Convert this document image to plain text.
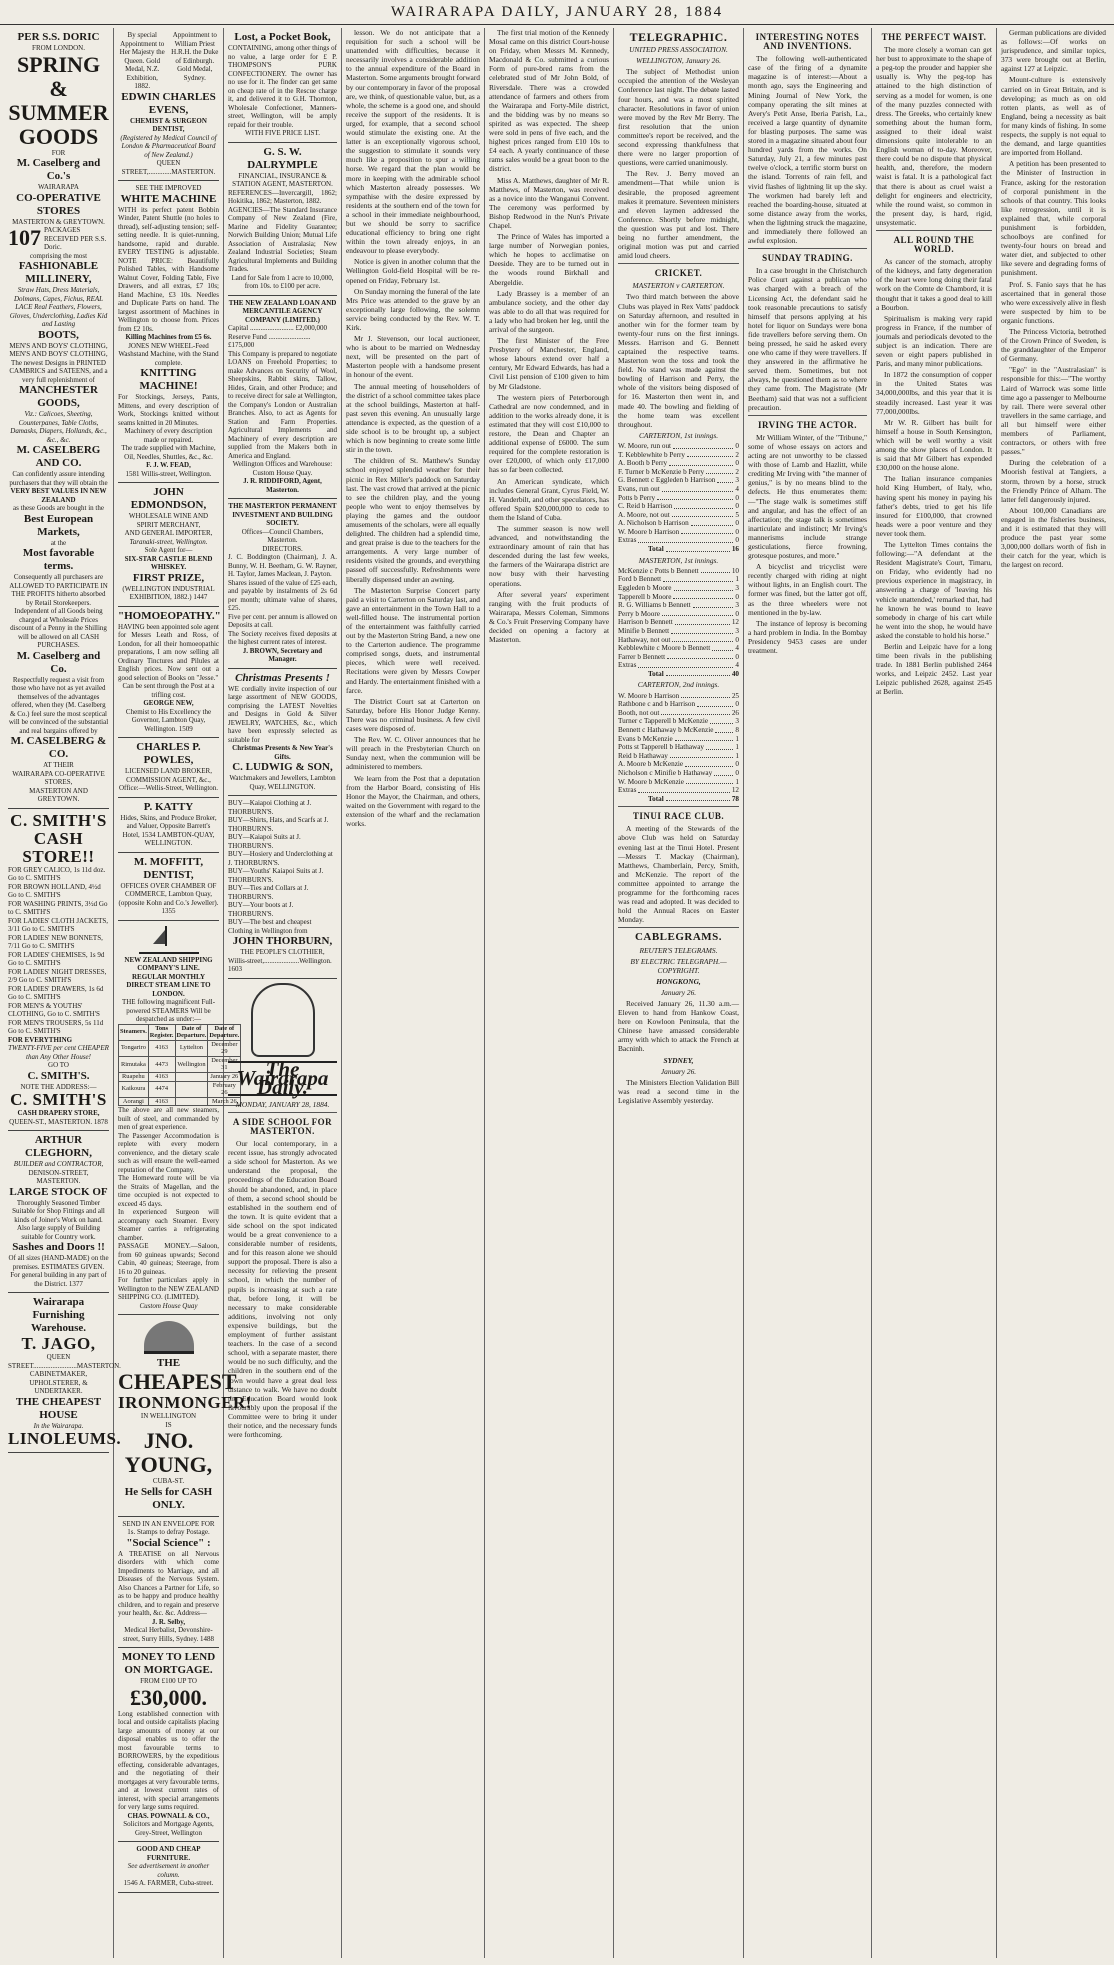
WAIRARAPA DAILY, JANUARY 28, 1884
PER S.S. DORIC
FROM LONDON.
SPRING &
SUMMER
GOODS
FOR
M. Caselberg and Co.'s
WAIRARAPA
CO-OPERATIVE STORES
MASTERTON & GREYTOWN.
107 PACKAGES RECEIVED PER S.S. Doric.
comprising the most
FASHIONABLE
MILLINERY,
Straw Hats, Dress Materials, Dolmans, Capes, Fichus, REAL LACE Real Feathers, Flowers, Gloves, Underclothing, Ladies Kid and Lasting
BOOTS,
MEN'S AND BOYS' CLOTHING,
MEN'S AND BOYS' CLOTHING,
The newest Designs in PRINTED CAMBRICS and SATEENS, and a very full replenishment of
MANCHESTER GOODS,
Viz.: Calicoes, Sheeting, Counterpanes, Table Cloths, Damasks, Diapers, Hollands, &c., &c., &c.
M. CASELBERG AND CO.
Can confidently assure intending purchasers that they will obtain the
VERY BEST VALUES IN NEW ZEALAND
as these Goods are bought in the
Best European Markets,
at the
Most favorable terms.
Consequently all purchasers are ALLOWED TO PARTICIPATE IN THE PROFITS hitherto absorbed by Retail Storekeepers.
Independent of all Goods being charged at Wholesale Prices discount of a Penny in the Shilling will be allowed on all CASH PURCHASES.
M. Caselberg and Co.
Respectfully request a visit from those who have not as yet availed themselves of the advantages offered, when they (M. Caselberg & Co.) feel sure the most sceptical will be convinced of the substantial and real bargains offered by
M. CASELBERG & CO.
AT THEIR
WAIRARAPA CO-OPERATIVE STORES,
MASTERTON AND GREYTOWN.
C. SMITH'S
CASH STORE!!
FOR GREY CALICO, 1s 11d doz. Go to C. SMITH'S
FOR BROWN HOLLAND, 4½d Go to C. SMITH'S
FOR WASHING PRINTS, 3½d Go to C. SMITH'S
FOR LADIES' CLOTH JACKETS, 3/11 Go to C. SMITH'S
FOR LADIES' NEW BONNETS, 7/11 Go to C. SMITH'S
FOR LADIES' CHEMISES, 1s 9d Go to C. SMITH'S
FOR LADIES' NIGHT DRESSES, 2/9 Go to C. SMITH'S
FOR LADIES' DRAWERS, 1s 6d Go to C. SMITH'S
FOR MEN'S & YOUTHS' CLOTHING, Go to C. SMITH'S
FOR MEN'S TROUSERS, 5s 11d Go to C. SMITH'S
FOR EVERYTHING
TWENTY-FIVE per cent CHEAPER than Any Other House!
GO TO
C. SMITH'S.
NOTE THE ADDRESS:—
C. SMITH'S
CASH DRAPERY STORE,
QUEEN-ST., MASTERTON. 1878
ARTHUR CLEGHORN,
BUILDER and CONTRACTOR,
DENISON-STREET, MASTERTON.
LARGE STOCK OF
Thoroughly Seasoned Timber Suitable for Shop Fittings and all kinds of Joiner's Work on hand. Also large supply of Building suitable for Country work.
Sashes and Doors !!
Of all sizes (HAND-MADE) on the premises. ESTIMATES GIVEN.
For general building in any part of the District. 1377
Wairarapa Furnishing Warehouse.
T. JAGO,
QUEEN STREET.........................MASTERTON.
CABINETMAKER, UPHOLSTERER, & UNDERTAKER.
THE CHEAPEST HOUSE
In the Wairarapa.
LINOLEUMS.
By special Appointment to Her Majesty the Queen. Gold Medal, N.Z. Exhibition, 1882.
Appointment to William Priest H.R.H. the Duke of Edinburgh. Gold Medal, Sydney.
EDWIN CHARLES EVENS,
CHEMIST & SURGEON DENTIST,
(Registered by Medical Council of London & Pharmaceutical Board of New Zealand.)
QUEEN STREET,.............MASTERTON.
SEE THE IMPROVED
WHITE MACHINE
WITH its perfect patent Bobbin Winder, Patent Shuttle (no holes to thread), self-adjusting tension; self-setting needle. It is quiet-running, handsome, rapid and durable. EVERY TESTING is adjustable. NOTE PRICE: Beautifully Polished Tables, with Handsome Walnut Cover, Folding Table, Five Drawers, and all extras, £7 10s; Hand Machine, £3 10s. Needles and Duplicate Parts on hand. The largest assortment of Machines in Wellington to choose from. Prices from £2 10s.
Killing Machines from £5 6s.
JONES NEW WHEEL-Feed Washstand Machine, with the Stand complete.
KNITTING MACHINE!
For Stockings, Jerseys, Pants, Mittens, and every description of Work, Stockings knitted without seams knitted in 20 Minutes.
Machinery of every description made or repaired.
The trade supplied with Machine, Oil, Needles, Shuttles, &c., &c.
F. J. W. FEAD,
1581 Willis-street, Wellington.
JOHN EDMONDSON,
WHOLESALE WINE AND SPIRIT MERCHANT,
AND GENERAL IMPORTER,
Taranaki-street, Wellington.
Sole Agent for—
SIX-STAR CASTLE BLEND WHISKEY.
FIRST PRIZE,
(WELLINGTON INDUSTRIAL EXHIBITION, 1882.) 1447
"HOMOEOPATHY."
HAVING been appointed sole agent for Messrs Leath and Ross, of London, for all their homoeopathic preparations, I am now selling all Ordinary Tinctures and Pilules at English prices. Now sent out a good selection of Books on "Jesse."
Can be sent through the Post at a trifling cost.
GEORGE NEW,
Chemist to His Excellency the Governor, Lambton Quay, Wellington. 1509
CHARLES P. POWLES,
LICENSED LAND BROKER, COMMISSION AGENT, &c.,
Office:—Wellis-Street, Wellington.
P. KATTY
Hides, Skins, and Produce Broker, and Valuer, Opposite Barrett's Hotel, 1534 LAMBTON-QUAY, WELLINGTON.
M. MOFFITT, DENTIST,
OFFICES OVER CHAMBER OF COMMERCE, Lambton Quay, (opposite Kohn and Co.'s Jeweller). 1355
NEW ZEALAND SHIPPING COMPANY'S LINE.
REGULAR MONTHLY DIRECT STEAM LINE TO LONDON.
THE following magnificent Full-powered STEAMERS Will be despatched as under:—
Steamers.	Tons Register.	Date of Departure.	Date of Departure.
Tongariro	4163	Lyttelton	December 29
Rimutaka	4473	Wellington	December 31
Ruapehu	4163		January 26
Kaikoura	4474		February 26
Aorangi	4163		March 26
The above are all new steamers, built of steel, and commanded by men of great experience.
The Passenger Accommodation is replete with every modern convenience, and the dietary scale such as will ensure the well-earned reputation of the Company.
The Homeward route will be via the Straits of Magellan, and the time occupied is not expected to exceed 45 days.
In experienced Surgeon will accompany each Steamer. Every Steamer carries a refrigerating chamber.
PASSAGE MONEY.—Saloon, from 60 guineas upwards; Second Cabin, 40 guineas; Steerage, from 16 to 20 guineas.
For further particulars apply in Wellington to the NEW ZEALAND SHIPPING CO. (LIMITED).
Custom House Quay
THE
CHEAPEST
IRONMONGER!
IN WELLINGTON
IS
JNO. YOUNG,
CUBA-ST.
He Sells for CASH ONLY.
SEND IN AN ENVELOPE FOR 1s. Stamps to defray Postage.
"Social Science" :
A TREATISE on all Nervous disorders with which come Impediments to Marriage, and all Diseases of the Nervous System. Also Chances a Partner for Life, so as to be happy and produce healthy children, and to regain and preserve your health, &c. &c. Address—
J. R. Selby,
Medical Herbalist, Devonshire-street, Surry Hills, Sydney. 1488
MONEY TO LEND ON MORTGAGE.
FROM £100 UP TO
£30,000.
Long established connection with local and outside capitalists placing large amounts of money at our disposal enables us to offer the most favourable terms to BORROWERS, by the expeditious effecting, considerable advantages, and the negotiating of their mortgages at very favourable terms, and at lowest current rates of interest, with special arrangements for very large sums required.
CHAS. POWNALL & CO.,
Solicitors and Mortgage Agents, Grey-Street, Wellington
GOOD AND CHEAP FURNITURE.
See advertisement in another column.
1546 A. FARMER, Cuba-street.
Lost, a Pocket Book,
CONTAINING, among other things of no value, a large order for £ P. THOMPSON'S PURK CONFECTIONERY. The owner has no use for it. The finder can get same on cheap rate of in the Rescue charge it, and delivered it to G.H. Thornton, Wholesale Confectioner, Manners-street, Wellington, will be amply repaid for their trouble.
WITH FIVE PRICE LIST.
G. S. W. DALRYMPLE
FINANCIAL, INSURANCE & STATION AGENT, MASTERTON.
REFERENCES—Invercargill, 1862; Hokitika, 1862; Masterton, 1882.
AGENCIES—The Standard Insurance Company of New Zealand (Fire, Marine and Fidelity Guarantee; Norwich Building Union; Mutual Life Association of Australasia; New Zealand Industrial Societies; Steam Agricultural Implements and Building Trades.
Land for Sale from 1 acre to 10,000, from 10s. to £100 per acre.
THE NEW ZEALAND LOAN AND MERCANTILE AGENCY COMPANY (LIMITED.)
Capital ......................... £2,000,000
Reserve Fund ........................ £175,000
This Company is prepared to negotiate LOANS on Freehold Properties; to make Advances on Security of Wool, Sheepskins, Rabbit skins, Tallow, Hides, Grain, and other Produce; and to receive direct for sale at Wellington, the Company's London or Australian Branches. Also, to act as Agents for Station and Farm Properties. Agricultural Implements and Machinery of every description are supplied from the Makers both in America and England.
Wellington Offices and Warehouse: Custom House Quay.
J. R. RIDDIFORD, Agent, Masterton.
THE MASTERTON PERMANENT INVESTMENT AND BUILDING SOCIETY.
Offices—Council Chambers, Masterton.
DIRECTORS.
J. C. Boddington (Chairman), J. A. Bunny, W. H. Beetham, G. W. Rayner, H. Taylor, James Maclean, J. Payton.
Shares issued of the value of £25 each, and payable by instalments of 2s 6d per month; ultimate value of shares, £25.
Five per cent. per annum is allowed on Deposits at call.
The Society receives fixed deposits at the highest current rates of interest.
J. BROWN, Secretary and Manager.
Christmas Presents !
WE cordially invite inspection of our large assortment of NEW GOODS, comprising the LATEST Novelties and Designs in Gold & Silver JEWELRY, WATCHES, &c., which have been expressly selected as suitable for
Christmas Presents & New Year's Gifts.
C. LUDWIG & SON,
Watchmakers and Jewellers, Lambton Quay, WELLINGTON.
BUY—Kaiapoi Clothing at J. THORBURN'S.
BUY—Shirts, Hats, and Scarfs at J. THORBURN'S.
BUY—Kaiapoi Suits at J. THORBURN'S.
BUY—Hosiery and Underclothing at J. THORBURN'S.
BUY—Youths' Kaiapoi Suits at J. THORBURN'S.
BUY—Ties and Collars at J. THORBURN'S.
BUY—Your boots at J. THORBURN'S.
BUY—The best and cheapest Clothing in Wellington from
JOHN THORBURN,
THE PEOPLE'S CLOTHIER,
Willis-street,....................Wellington. 1603
The Wairarapa Daily.
MONDAY, JANUARY 28, 1884.
A SIDE SCHOOL FOR MASTERTON.

Our local contemporary, in a recent issue, has strongly advocated a side school for Masterton. As we understand the proposal, the proceedings of the Education Board should be abandoned, and, in place of them, a second school should be established in the southern end of the town. It is quite evident that a side school on the spot indicated would be a great convenience to a considerable number of residents, and for this reason alone we should support the proposal. There is also a necessity for relieving the present school, in which the number of pupils is increasing at such a rate that, before long, it will be necessary to make considerable additions, involving not only expensive buildings, but the employment of further assistant teachers. In the case of a second school, with a separate master, there would be no such difficulty, and the children in the southern end of the town would have a great deal less distance to walk. We have no doubt the Education Board would look favourably upon the proposal if the Committee were to bring it under their notice, and the necessary funds were forthcoming.

lesson. We do not anticipate that a requisition for such a school will be unattended with difficulties, because it necessarily involves a considerable addition to the annual expenditure of the Board in Masterton. Some arguments brought forward by our contemporary in favor of the proposal are, we think, of questionable value, but, as a whole, the scheme is a good one, and should receive the support of the residents. It is urged, for example, that a second school would stimulate the existing one. At the latter is an exceptionally vigorous school, the suggestion to stimulate it sounds very much like a proposition to spur a willing horse. We regard that the plan would be more in keeping with the admirable school which Masterton already possesses. We sympathise with the desire expressed by residents at the southern end of the town for a school in their immediate neighbourhood, but we should be sorry to sacrifice educational efficiency to bring one right within the town already enjoys, in an endeavour to please everybody.

Notice is given in another column that the Wellington Gold-field Hospital will be re-opened on Friday, February 1st.

On Sunday morning the funeral of the late Mrs Price was attended to the grave by an exceptionally large following, the solemn service being conducted by the Rev. W. T. Kirk.

Mr J. Stevenson, our local auctioneer, who is about to be married on Wednesday next, will be presented on the part of Masterton people with a handsome present in honour of the event.

The annual meeting of householders of the district of a school committee takes place at the school buildings, Masterton at half-past seven this evening. An unusually large attendance is expected, as the question of a side school is to be brought up, a subject which is now beginning to create some little stir in the town.

The children of St. Matthew's Sunday school enjoyed splendid weather for their picnic in Rex Miller's paddock on Saturday last. The vast crowd that arrived at the picnic to see the children play, and the young people who went to enjoy themselves by playing the games and the outdoor amusements of the scholars, were all equally delighted. The children had a splendid time, and great praise is due to the teachers for the arrangements. A very large number of residents visited the grounds, and everything passed off successfully. Refreshments were liberally dispensed under an awning.

The Masterton Surprise Concert party paid a visit to Carterton on Saturday last, and gave an entertainment in the Town Hall to a well-filled house. The instrumental portion of the entertainment was faithfully carried out by the Masterton String Band, a new one to the Carterton audience. The programme comprised songs, duets, and instrumental pieces, which were well received. Recitations were given by Messrs Cowper and Hardy. The entertainment finished with a farce.

The District Court sat at Carterton on Saturday, before His Honor Judge Kenny. There was no criminal business. A few civil cases were disposed of.

The Rev. W. C. Oliver announces that he will preach in the Presbyterian Church on Sunday next, when the communion will be administered to members.

We learn from the Post that a deputation from the Harbor Board, consisting of His Honor the Mayor, the Chairman, and others, waited on the Government with regard to the extension of the wharf and the reclamation works.

The first trial motion of the Kennedy Mosal came on this district Court-house on Friday, when Messrs M. Kennedy, Macdonald & Co. submitted a curious Form of pure-bred rams from the celebrated stud of Mr John Bold, of Riversdale. There was a crowded attendance of farmers and others from the Wairarapa and Forty-Mile district, and the bidding was by no means so spirited as was expected. The sheep were sold in pens of five each, and the highest prices ranged from £10 10s to £4 each. A yearly continuance of these rams sales would be a great boon to the district.

Miss A. Matthews, daughter of Mr R. Matthews, of Masterton, was received as a novice into the Wanganui Convent. The ceremony was performed by Bishop Redwood in the Nun's Private Chapel.

The Prince of Wales has imported a large number of Norwegian ponies, which he hopes to acclimatise on Deeside. They are to be turned out in the woods round Birkhall and Abergeldie.

Lady Brassey is a member of an ambulance society, and the other day was able to do all that was required for a lady who had broken her leg, until the arrival of the surgeon.

The first Minister of the Free Presbytery of Manchester, England, whose labours extend over half a century, Mr Edward Edwards, has had a Civil List pension of £100 given to him by Mr Gladstone.

The western piers of Peterborough Cathedral are now condemned, and in addition to the works already done, it is estimated that they will cost £10,000 to restore, the Dean and Chapter an additional expense of £6000. The sum required for the complete restoration is over £20,000, of which only £17,000 has so far been collected.

An American syndicate, which includes General Grant, Cyrus Field, W. H. Vanderbilt, and other speculators, has offered Spain $20,000,000 to cede to them the Island of Cuba.

The summer season is now well advanced, and notwithstanding the extraordinary amount of rain that has descended during the last few weeks, the farmers of the Wairarapa district are now busy with their harvesting operations.

After several years' experiment ranging with the fruit products of Wairarapa, Messrs Coleman, Simmons & Co.'s Fruit Preserving Company have decided on opening a factory at Masterton.

TELEGRAPHIC.
UNITED PRESS ASSOCIATION.
WELLINGTON, January 26.

The subject of Methodist union occupied the attention of the Wesleyan Conference last night. The debate lasted four hours, and was a most spirited character. Resolutions in favor of union were moved by the Rev Mr Berry. The first resolution that the union committee's report be received, and the second expressing thankfulness that there were no larger proportion of questions, were carried unanimously.

The Rev. J. Berry moved an amendment—That while union is desirable, the proposed agreement makes it premature. Seventeen ministers and eleven laymen addressed the Conference. Shortly before midnight, the question was put and lost. There being no further amendment, the original motion was put and carried amid loud cheers.

CRICKET.
MASTERTON v CARTERTON.

Two third match between the above Clubs was played in Rex Vatts' paddock on Saturday afternoon, and resulted in another win for the former team by twenty-four runs on the first innings. Messrs. Harrison and G. Bennett captained the respective teams. Masterton won the toss and took the field. No stand was made against the bowling of Harrison and Perry, the whole of the visitors being disposed of for 16. Masterton then went in, and made 40. The bowling and fielding of the home team was excellent throughout.

CARTERTON, 1st innings.
W. Moore, run out	0
T. Kebblewhite b Perry	2
A. Booth b Perry	0
F. Turner b McKenzie b Perry	2
G. Bennett c Eggleden b Harrison	3
Evans, run out	4
Potts b Perry	0
C. Reid b Harrison	0
A. Moore, not out	5
A. Nicholson b Harrison	0
W. Moore b Harrison	0
Extras	0
Total	16
MASTERTON, 1st innings.
McKenzie c Potts b Bennett	10
Ford b Bennett	1
Eggleden b Moore	3
Tapperell b Moore	0
R. G. Williams b Bennett	3
Perry b Moore	0
Harrison b Bennett	12
Minifie b Bennett	3
Hathaway, not out	0
Kebblewhite c Moore b Bennett	4
Farrer b Bennett	0
Extras	4
Total	40
CARTERTON, 2nd innings.
W. Moore b Harrison	25
Rathbone c and b Harrison	0
Booth, not out	26
Turner c Tapperell b McKenzie	3
Bennett c Hathaway b McKenzie	8
Evans b McKenzie	1
Potts st Tapperell b Hathaway	1
Reid b Hathaway	1
A. Moore b McKenzie	0
Nicholson c Minifie b Hathaway	0
W. Moore b McKenzie	1
Extras	12
Total	78
TINUI RACE CLUB.

A meeting of the Stewards of the above Club was held on Saturday evening last at the Tinui Hotel. Present—Messrs T. Mackay (Chairman), Matthews, Chamberlain, Percy, Smith, and McKenzie. The report of the committee appointed to arrange the programme for the forthcoming races was read and adopted. It was decided to hold the Annual Races on Easter Monday.

CABLEGRAMS.
REUTER'S TELEGRAMS.
BY ELECTRIC TELEGRAPH.—COPYRIGHT.
HONGKONG,
January 26.

Received January 26, 11.30 a.m.—Eleven to hand from Hankow Coast, here on Kowloon Peninsula, that the Chinese have amassed considerable army with which to attack the French at Bacninh.

SYDNEY,
January 26.

The Ministers Election Validation Bill was read a second time in the Legislative Assembly yesterday.

INTERESTING NOTES AND INVENTIONS.

The following well-authenticated case of the firing of a dynamite magazine is of interest:—About a month ago, says the Engineering and Mining Journal of New York, the company operating the silt mines at Avery's Petit Anse, Iberia Parish, La., received a large quantity of dynamite for blasting purposes. The same was stored in a magazine situated about four hundred yards from the works. On Saturday, July 21, a few minutes past twelve o'clock, a terrific storm burst on the island. Torrents of rain fell, and vivid flashes of lightning lit up the sky. The workmen had barely left and reached the boarding-house, situated at some distance away from the works, when the lightning struck the magazine, and immediately there followed an awful explosion.

SUNDAY TRADING.

In a case brought in the Christchurch Police Court against a publican who was charged with a breach of the Licensing Act, the defendant said he took reasonable precautions to satisfy himself that persons applying at his hotel for liquor on Sundays were bona fide travellers before serving them. On being pressed, he said he asked every one who came if they were travellers. If they answered in the affirmative he served them. Sometimes, but not always, he questioned them as to where they came from. The Magistrate (Mr Beetham) said that was not a sufficient precaution.

IRVING THE ACTOR.

Mr William Winter, of the "Tribune," some of whose essays on actors and acting are not unworthy to be classed with those of Lamb and Hazlitt, while crediting Mr Irving with "the manner of genius," is by no means blind to the defects. He thus enumerates them:—"The stage walk is sometimes stiff and angular, and has the effect of an affectation; the stage talk is sometimes inarticulate and indistinct; Mr Irving's mannerisms include strange gesticulations, fierce frowning, grotesque postures, and more."

A bicyclist and tricyclist were recently charged with riding at night without lights, in an English court. The former was fined, but the latter got off, as the three wheelers were not mentioned in the by-law.

The instance of leprosy is becoming a hard problem in India. In the Bombay Presidency 9453 cases are under treatment.

THE PERFECT WAIST.

The more closely a woman can get her bust to approximate to the shape of a peg-top the prouder and happier she usually is. Why the peg-top has attained to the high distinction of serving as a model for women, is one of the many puzzles connected with dress. The Greeks, who certainly knew something about the human form, assigned to their ideal waist dimensions quite intolerable to an English woman of to-day. Moreover, there could be no dispute that physical health, and, therefore, the modern waist is fatal. It is a pathological fact that there is about as cruel waist a delight for engineers and electricity, while the round waist, so common in the present day, is hard, rigid, unsystematic.

ALL ROUND THE WORLD.

As cancer of the stomach, atrophy of the kidneys, and fatty degeneration of the heart were long doing their fatal work on the Comte de Chambord, it is thought that it takes a good deal to kill a Bourbon.

Spiritualism is making very rapid progress in France, if the number of journals and periodicals devoted to the subject is an indication. There are seven or eight papers published in Paris, and many minor publications.

In 1872 the consumption of copper in the United States was 34,000,000lbs, and this year that it is steadily increased. Last year it was 77,000,000lbs.

Mr W. R. Gilbert has built for himself a house in South Kensington, which will be well worthy a visit among the show places of London. It is said that Mr Gilbert has expended £30,000 on the house alone.

The Italian insurance companies hold King Humbert, of Italy, who, having spent his money in paying his father's debts, tried to get his life insured for £100,000, that crowned heads were a poor venture and they never took them.

The Lyttelton Times contains the following:—"A defendant at the Resident Magistrate's Court, Timaru, on Friday, who evidently had no previous experience in magistracy, in answering a charge of 'leaving his vehicle unattended,' remarked that, had he known he was bound to leave somebody in charge of his cart while he went into the shop, he would have asked the constable to hold his horse."

Berlin and Leipzic have for a long time been rivals in the publishing trade. In 1881 Berlin published 2464 works, and Leipzic 2452. Last year Leipzic published 2628, against 2545 at Berlin.

German publications are divided as follows:—Of works on jurisprudence, and similar topics, 373 were brought out at Berlin, against 127 at Leipzic.

Mount-culture is extensively carried on in Great Britain, and is developing; as much as on old rotten plants, as well as of England, being a necessity as bait for many kinds of fishing. In some respects, the supply is not equal to the demand, and large quantities are imported from Holland.

A petition has been presented to the Minister of Instruction in France, asking for the restoration of corporal punishment in the schools of that country. This looks like retrogression, until it is explained that, while corporal punishment is forbidden, schoolboys are confined for twenty-four hours on bread and water diet, and subjected to other like severe and degrading forms of punishment.

Prof. S. Fanio says that he has ascertained that in general those who were excessively alive in flesh were suspected by him to be organic functions.

The Princess Victoria, betrothed of the Crown Prince of Sweden, is the granddaughter of the Emperor of Germany.

"Ego" in the "Australasian" is responsible for this:—"The worthy Laird of Warrock was some little time ago a passenger to Melbourne by rail. There were several other travellers in the same carriage, and all but himself were either members of Parliament, contractors, or others with free passes."

During the celebration of a Moorish festival at Tangiers, a storm, thrown by a horse, struck the Friendly Prince of Alham. The latter fell dangerously injured.

About 100,000 Canadians are engaged in the fisheries business, and it is estimated that they will produce the past year some 3,000,000 dollars worth of fish in their catch for the year, which is the largest on record.
